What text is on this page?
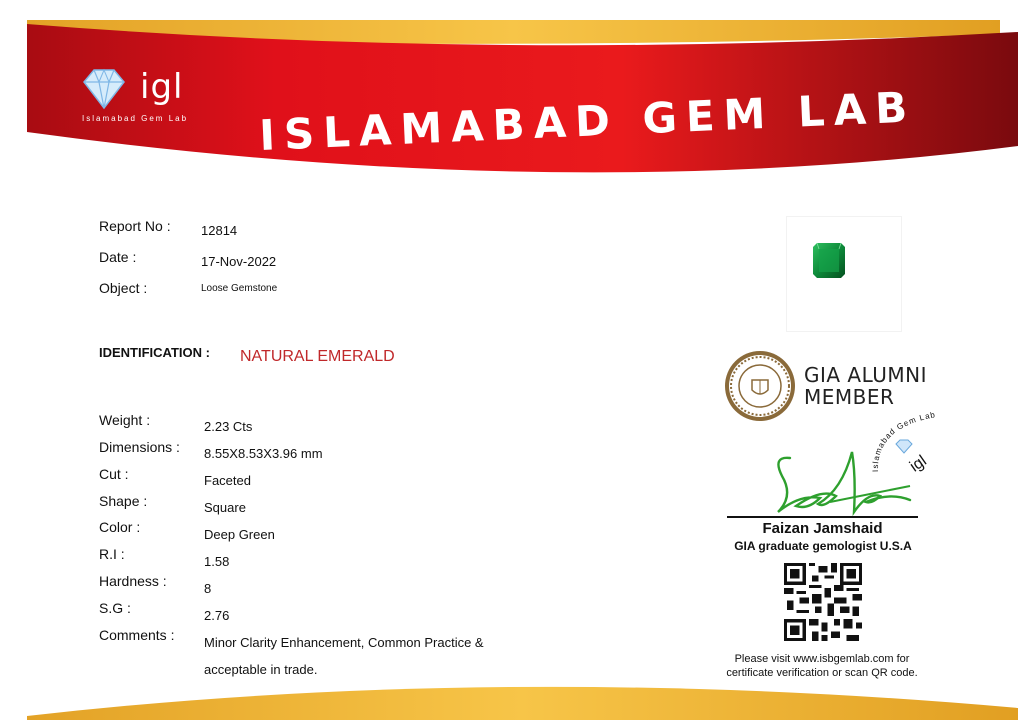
igl
Islamabad Gem Lab ISLAMABAD GEM LAB
Report No : 12814
Date :	17-Nov-2022
Object :	Loose Gemstone
IDENTIFICATION : NATURAL EMERALD
Weight :	2.23 Cts
Dimensions : 8.55X8.53X3.96 mm
Cut :	Faceted
Shape :	Square
Color :	Deep Green
R.I :	1.58
Hardness :	8
S.G :	2.76
Comments : Minor Clarity Enhancement, Common Practice &
acceptable in trade.
GIA ALUMNI
MEMBER
Islamabad Gem Lab
igl
Faizan Jamshaid
GIA graduate gemologist U.S.A
Please visit www.isbgemlab.com for
certificate verification or scan QR code.
